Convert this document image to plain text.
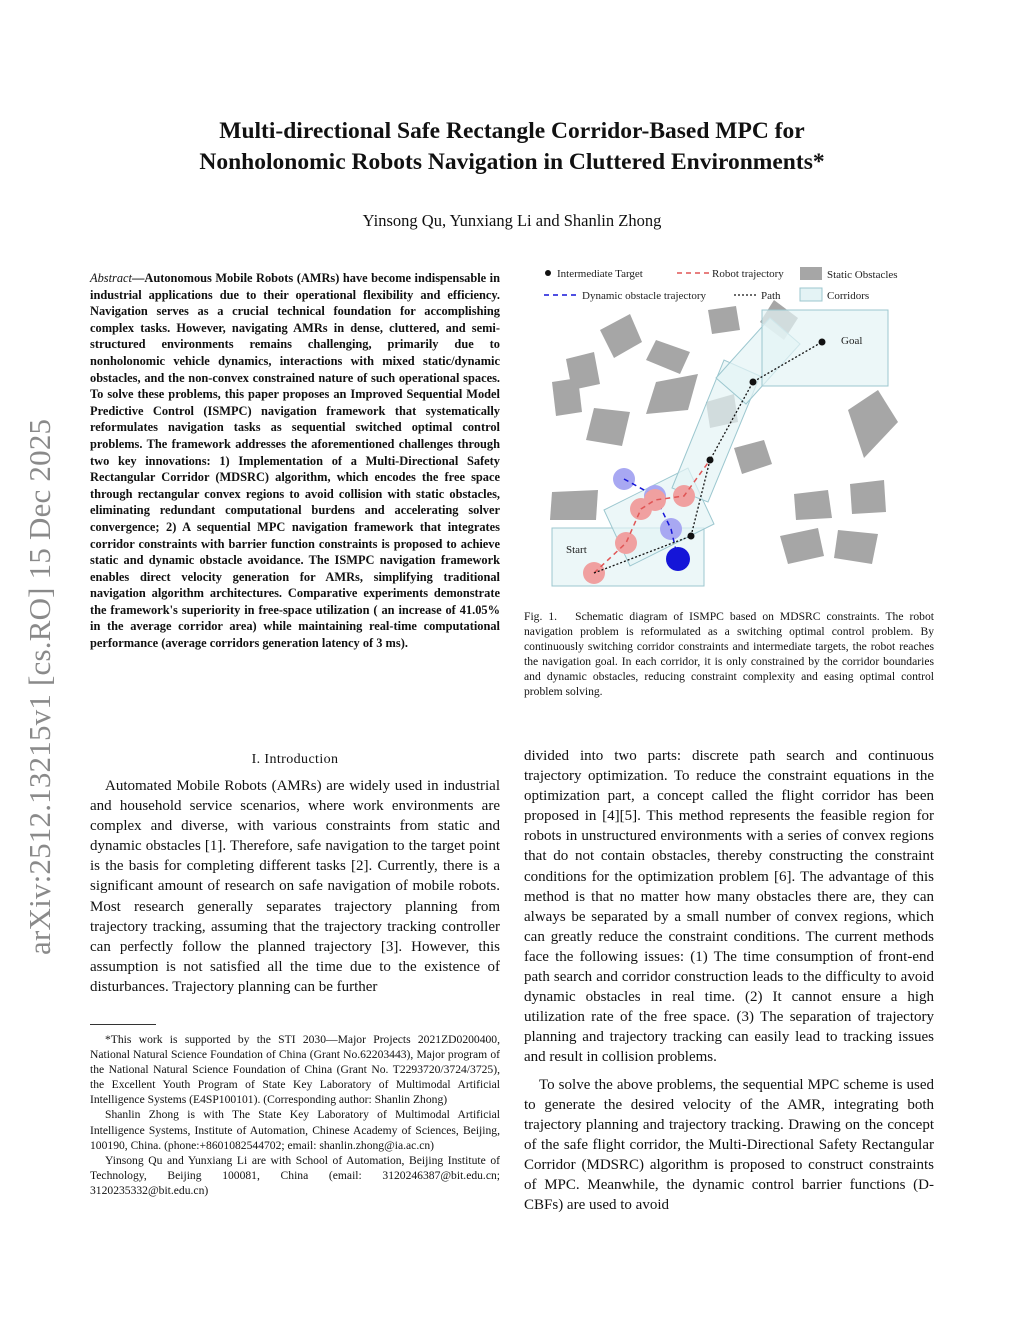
arXiv:2512.13215v1 [cs.RO] 15 Dec 2025
Multi-directional Safe Rectangle Corridor-Based MPC for
Nonholonomic Robots Navigation in Cluttered Environments*
Yinsong Qu, Yunxiang Li and Shanlin Zhong
Abstract—Autonomous Mobile Robots (AMRs) have become indispensable in industrial applications due to their operational flexibility and efficiency. Navigation serves as a crucial technical foundation for accomplishing complex tasks. However, navigating AMRs in dense, cluttered, and semi-structured environments remains challenging, primarily due to nonholonomic vehicle dynamics, interactions with mixed static/dynamic obstacles, and the non-convex constrained nature of such operational spaces. To solve these problems, this paper proposes an Improved Sequential Model Predictive Control (ISMPC) navigation framework that systematically reformulates navigation tasks as sequential switched optimal control problems. The framework addresses the aforementioned challenges through two key innovations: 1) Implementation of a Multi-Directional Safety Rectangular Corridor (MDSRC) algorithm, which encodes the free space through rectangular convex regions to avoid collision with static obstacles, eliminating redundant computational burdens and accelerating solver convergence; 2) A sequential MPC navigation framework that integrates corridor constraints with barrier function constraints is proposed to achieve static and dynamic obstacle avoidance. The ISMPC navigation framework enables direct velocity generation for AMRs, simplifying traditional navigation algorithm architectures. Comparative experiments demonstrate the framework's superiority in free-space utilization ( an increase of 41.05% in the average corridor area) while maintaining real-time computational performance (average corridors generation latency of 3 ms).
I. Introduction

Automated Mobile Robots (AMRs) are widely used in industrial and household service scenarios, where work environments are complex and diverse, with various constraints from static and dynamic obstacles [1]. Therefore, safe navigation to the target point is the basis for completing different tasks [2]. Currently, there is a significant amount of research on safe navigation of mobile robots. Most research generally separates trajectory planning from trajectory tracking, assuming that the trajectory tracking controller can perfectly follow the planned trajectory [3]. However, this assumption is not satisfied all the time due to the existence of disturbances. Trajectory planning can be further

*This work is supported by the STI 2030—Major Projects 2021ZD0200400, National Natural Science Foundation of China (Grant No.62203443), Major program of the National Natural Science Foundation of China (Grant No. T2293720/3724/3725), the Excellent Youth Program of State Key Laboratory of Multimodal Artificial Intelligence Systems (E4SP100101). (Corresponding author: Shanlin Zhong)

Shanlin Zhong is with The State Key Laboratory of Multimodal Artificial Intelligence Systems, Institute of Automation, Chinese Academy of Sciences, Beijing, 100190, China. (phone:+8601082544702; email: shanlin.zhong@ia.ac.cn)

Yinsong Qu and Yunxiang Li are with School of Automation, Beijing Institute of Technology, Beijing 100081, China (email: 3120246387@bit.edu.cn; 3120235332@bit.edu.cn)

Intermediate Target	Robot trajectory	Static Obstacles
Dynamic obstacle trajectory	Path	Corridors
Goal
Start
Fig. 1. Schematic diagram of ISMPC based on MDSRC constraints. The robot navigation problem is reformulated as a switching optimal control problem. By continuously switching corridor constraints and intermediate targets, the robot reaches the navigation goal. In each corridor, it is only constrained by the corridor boundaries and dynamic obstacles, reducing constraint complexity and easing optimal control problem solving.

divided into two parts: discrete path search and continuous trajectory optimization. To reduce the constraint equations in the optimization part, a concept called the flight corridor has been proposed in [4][5]. This method represents the feasible region for robots in unstructured environments with a series of convex regions that do not contain obstacles, thereby constructing the constraint conditions for the optimization problem [6]. The advantage of this method is that no matter how many obstacles there are, they can always be separated by a small number of convex regions, which can greatly reduce the constraint conditions. The current methods face the following issues: (1) The time consumption of front-end path search and corridor construction leads to the difficulty to avoid dynamic obstacles in real time. (2) It cannot ensure a high utilization rate of the free space. (3) The separation of trajectory planning and trajectory tracking can easily lead to tracking issues and result in collision problems.

To solve the above problems, the sequential MPC scheme is used to generate the desired velocity of the AMR, integrating both trajectory planning and trajectory tracking. Drawing on the concept of the safe flight corridor, the Multi-Directional Safety Rectangular Corridor (MDSRC) algorithm is proposed to construct constraints of MPC. Meanwhile, the dynamic control barrier functions (D-CBFs) are used to avoid
